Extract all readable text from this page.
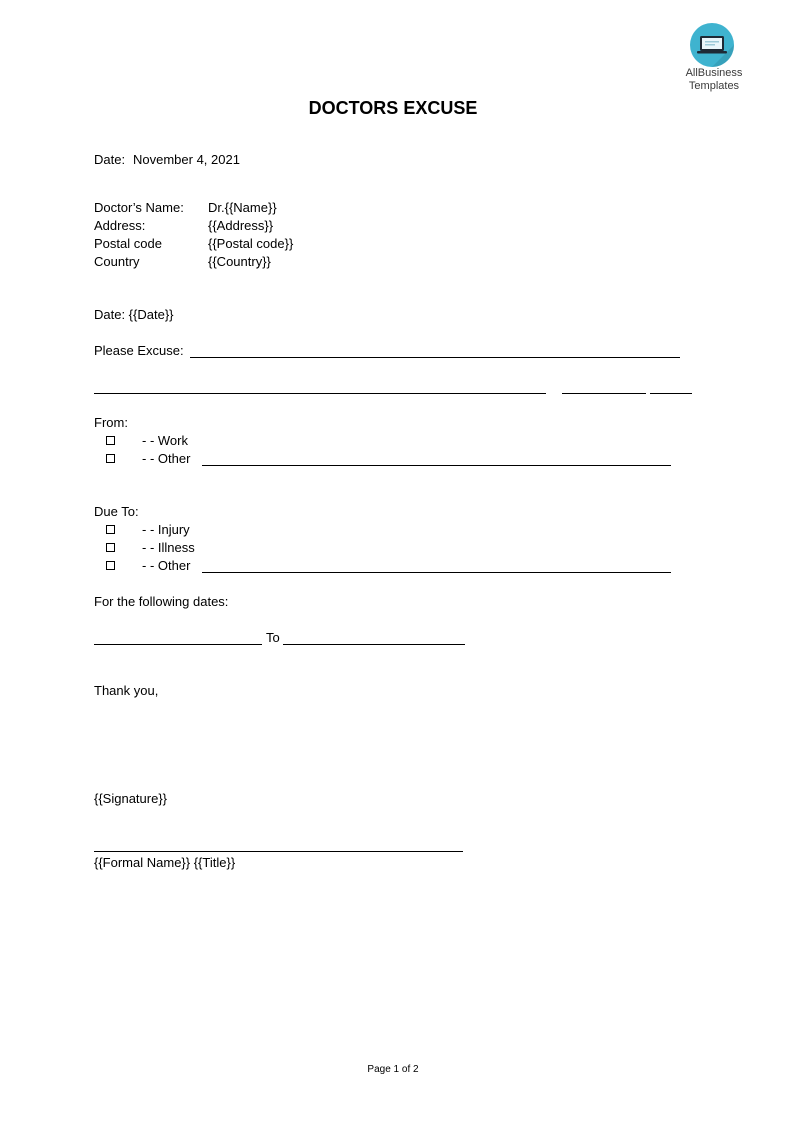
AllBusiness
Templates
DOCTORS EXCUSE
Date: November 4, 2021
Doctor’s Name: Dr.{{Name}}
Address:	{{Address}}
Postal code	{{Postal code}}
Country	{{Country}}
Date: {{Date}}
Please Excuse:
From:
- - Work
- - Other
Due To:
- - Injury
- - Illness
- - Other
For the following dates:
To
Thank you,
{{Signature}}
{{Formal Name}} {{Title}}
Page 1 of 2
